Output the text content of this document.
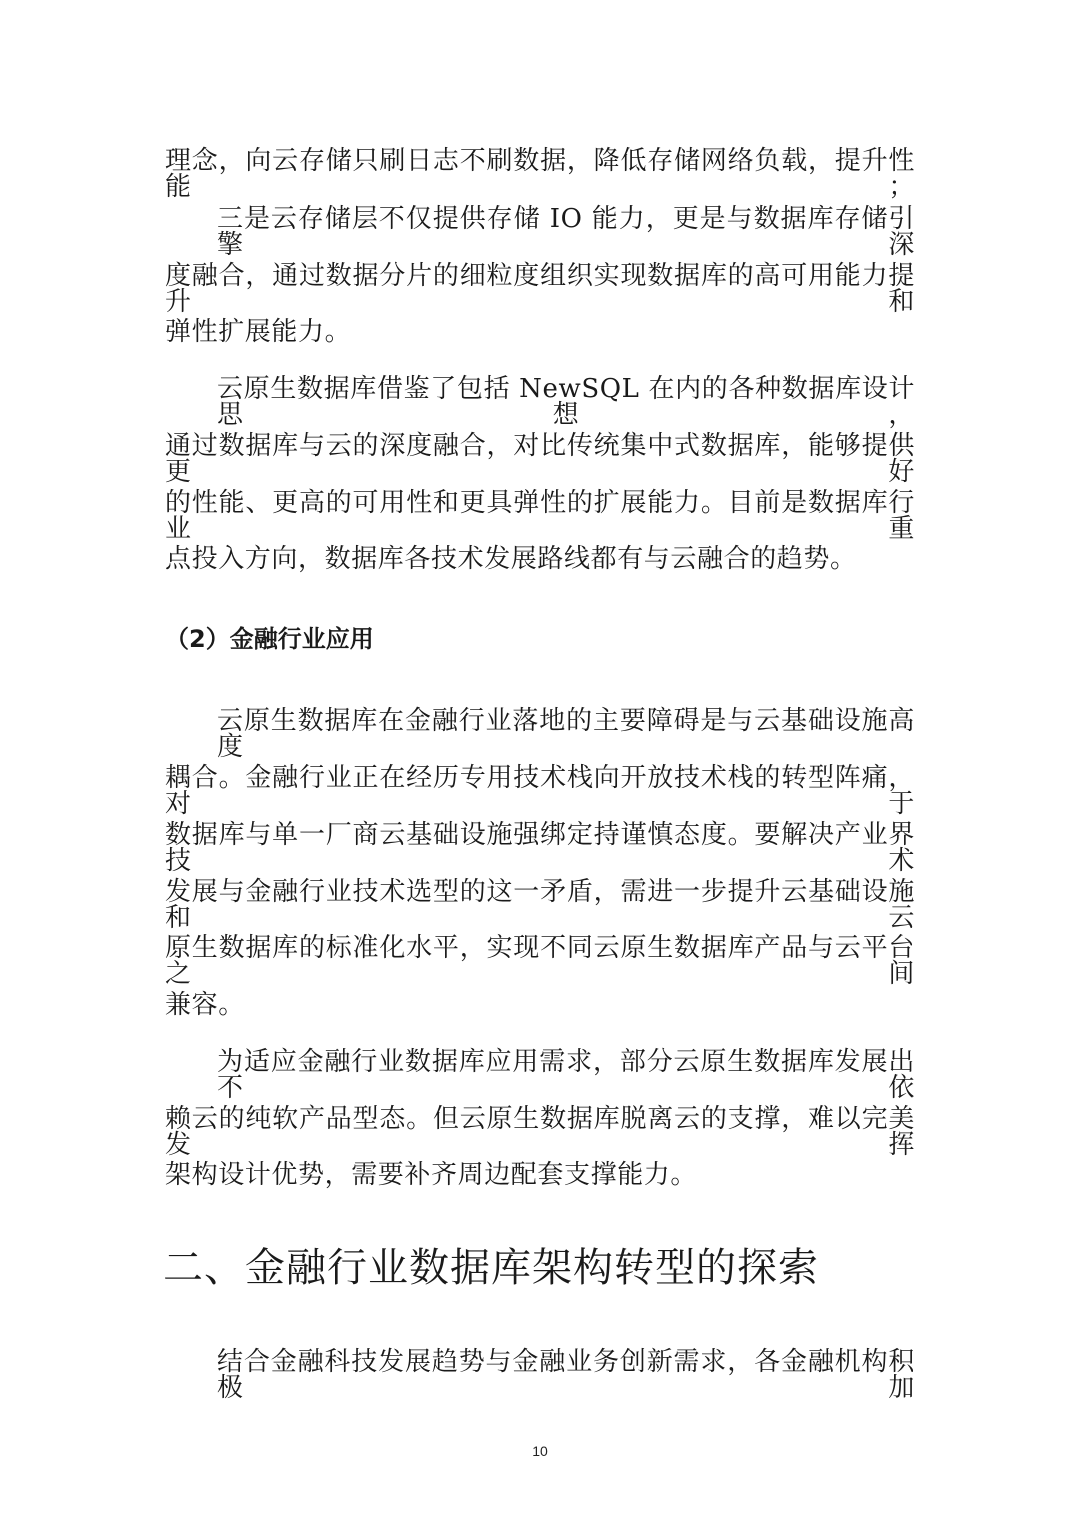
理念，向云存储只刷日志不刷数据，降低存储网络负载，提升性能；
三是云存储层不仅提供存储 IO 能力，更是与数据库存储引擎深
度融合，通过数据分片的细粒度组织实现数据库的高可用能力提升和
弹性扩展能力。
云原生数据库借鉴了包括 NewSQL 在内的各种数据库设计思想，
通过数据库与云的深度融合，对比传统集中式数据库，能够提供更好
的性能、更高的可用性和更具弹性的扩展能力。目前是数据库行业重
点投入方向，数据库各技术发展路线都有与云融合的趋势。
（2）金融行业应用
云原生数据库在金融行业落地的主要障碍是与云基础设施高度
耦合。金融行业正在经历专用技术栈向开放技术栈的转型阵痛，对于
数据库与单一厂商云基础设施强绑定持谨慎态度。要解决产业界技术
发展与金融行业技术选型的这一矛盾，需进一步提升云基础设施和云
原生数据库的标准化水平，实现不同云原生数据库产品与云平台之间
兼容。
为适应金融行业数据库应用需求，部分云原生数据库发展出不依
赖云的纯软产品型态。但云原生数据库脱离云的支撑，难以完美发挥
架构设计优势，需要补齐周边配套支撑能力。
二、金融行业数据库架构转型的探索
结合金融科技发展趋势与金融业务创新需求，各金融机构积极加
10
